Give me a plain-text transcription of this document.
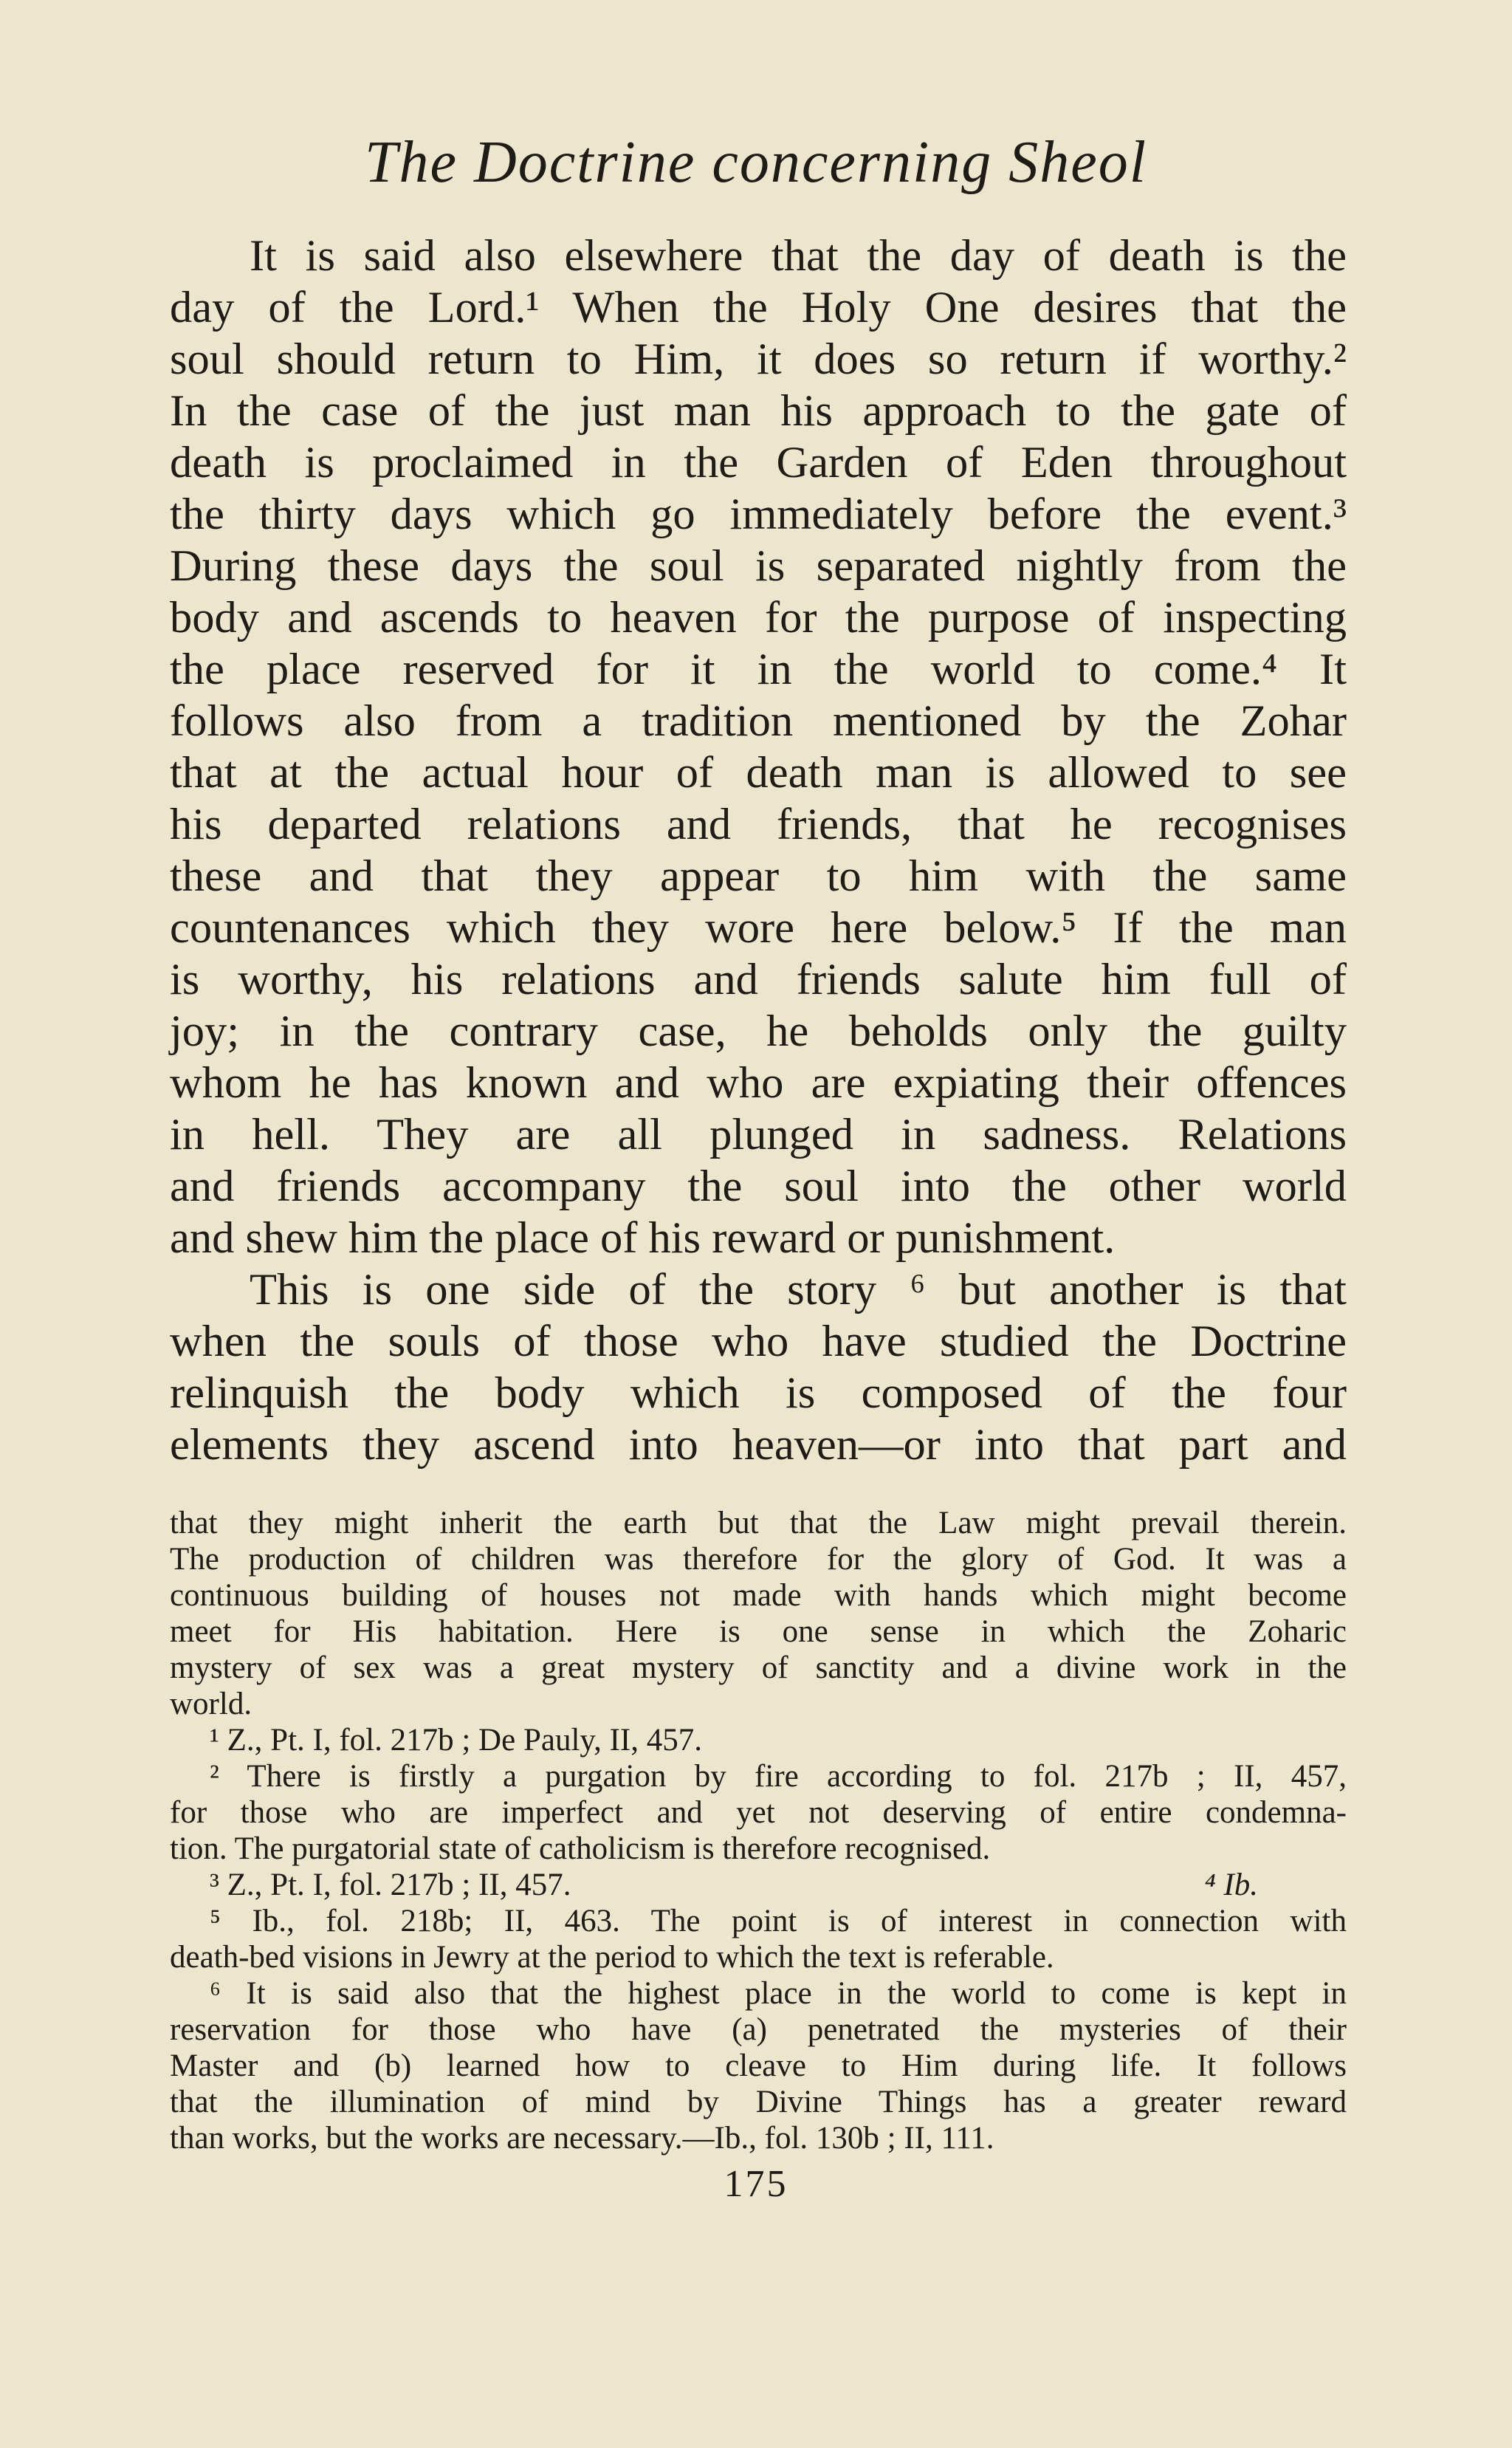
The Doctrine concerning Sheol
It is said also elsewhere that the day of death is the
day of the Lord.¹ When the Holy One desires that the
soul should return to Him, it does so return if worthy.²
In the case of the just man his approach to the gate of
death is proclaimed in the Garden of Eden throughout
the thirty days which go immediately before the event.³
During these days the soul is separated nightly from the
body and ascends to heaven for the purpose of inspecting
the place reserved for it in the world to come.⁴ It
follows also from a tradition mentioned by the Zohar
that at the actual hour of death man is allowed to see
his departed relations and friends, that he recognises
these and that they appear to him with the same
countenances which they wore here below.⁵ If the man
is worthy, his relations and friends salute him full of
joy; in the contrary case, he beholds only the guilty
whom he has known and who are expiating their offences
in hell. They are all plunged in sadness. Relations
and friends accompany the soul into the other world
and shew him the place of his reward or punishment.
This is one side of the story ⁶ but another is that
when the souls of those who have studied the Doctrine
relinquish the body which is composed of the four
elements they ascend into heaven—or into that part and
that they might inherit the earth but that the Law might prevail therein.
The production of children was therefore for the glory of God. It was a
continuous building of houses not made with hands which might become
meet for His habitation. Here is one sense in which the Zoharic
mystery of sex was a great mystery of sanctity and a divine work in the
world.
¹ Z., Pt. I, fol. 217b ; De Pauly, II, 457.
² There is firstly a purgation by fire according to fol. 217b ; II, 457,
for those who are imperfect and yet not deserving of entire condemna-
tion. The purgatorial state of catholicism is therefore recognised.
³ Z., Pt. I, fol. 217b ; II, 457.	⁴ Ib.
⁵ Ib., fol. 218b; II, 463. The point is of interest in connection with
death-bed visions in Jewry at the period to which the text is referable.
⁶ It is said also that the highest place in the world to come is kept in
reservation for those who have (a) penetrated the mysteries of their
Master and (b) learned how to cleave to Him during life. It follows
that the illumination of mind by Divine Things has a greater reward
than works, but the works are necessary.—Ib., fol. 130b ; II, 111.
175
